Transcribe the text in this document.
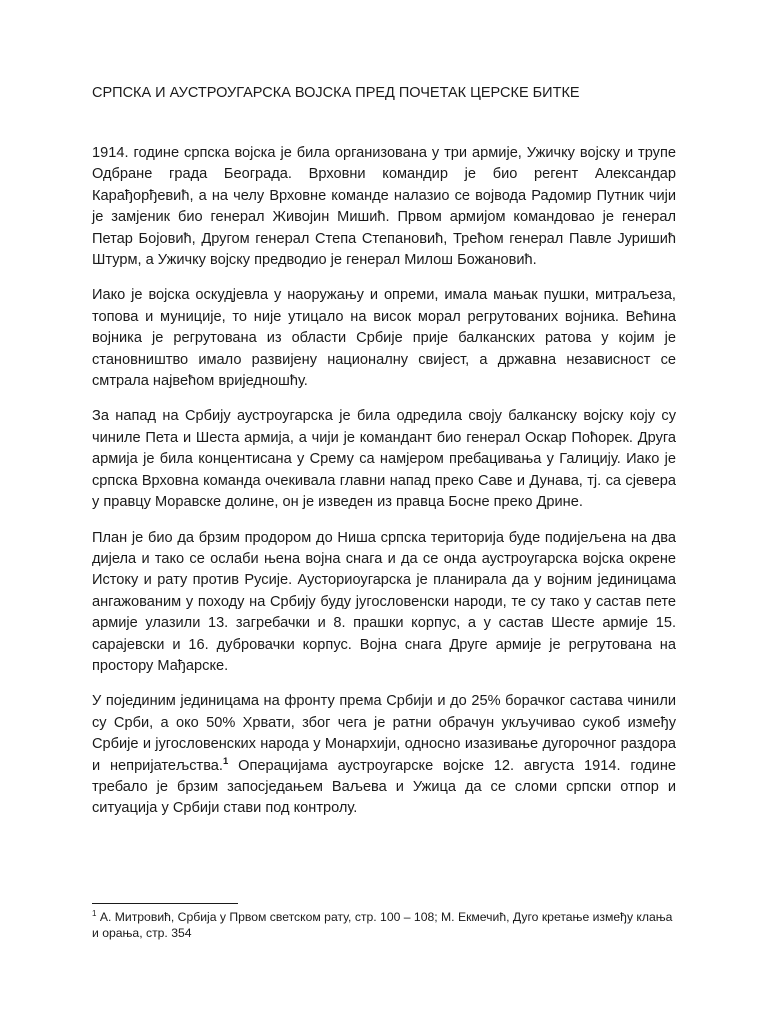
СРПСКА И АУСТРОУГАРСКА ВОЈСКА ПРЕД ПОЧЕТАК ЦЕРСКЕ БИТКЕ

1914. године српска војска је била организована у три армије, Ужичку војску и трупе Одбране града Београда. Врховни командир је био регент Александар Карађорђевић, а на челу Врховне команде налазио се војвода Радомир Путник чији је замјеник био генерал Живојин Мишић. Првом армијом командовао је генерал Петар Бојовић, Другом генерал Степа Степановић, Трећом генерал Павле Јуришић Штурм, а Ужичку војску предводио је генерал Милош Божановић.

Иако је војска оскудјевла у наоружању и опреми, имала мањак пушки, митраљеза, топова и муниције, то није утицало на висок морал регрутованих војника. Већина војника је регрутована из области Србије прије балканских ратова у којим је становништво имало развијену националну свијест, а државна независност се смтрала највећом вриједношћу.

За напад на Србију аустроугарска је била одредила своју балканску војску коју су чиниле Пета и Шеста армија, а чији је командант био генерал Оскар Поћорек. Друга армија је била концентисана у Срему са намјером пребацивања у Галицију. Иако је српска Врховна команда очекивала главни напад преко Саве и Дунава, тј. са сјевера у правцу Моравске долине, он је изведен из правца Босне преко Дрине.

План је био да брзим продором до Ниша српска територија буде подијељена на два дијела и тако се ослаби њена војна снага и да се онда аустроугарска војска окрене Истоку и рату против Русије. Аусториоугарска је планирала да у војним јединицама ангажованим у походу на Србију буду југословенски народи, те су тако у састав пете армије улазили 13. загребачки и 8. прашки корпус, а у састав Шесте армије 15. сарајевски и 16. дубровачки корпус. Војна снага Друге армије је регрутована на простору Мађарске.

У појединим јединицама на фронту према Србији и до 25% борачког састава чинили су Срби, а око 50% Хрвати, због чега је ратни обрачун укључивао сукоб између Србије и југословенских народа у Монархији, односно изазивање дугорочног раздора и непријатељства.$^1$ Операцијама аустроугарске војске 12. августа 1914. године требало је брзим запосједањем Ваљева и Ужица да се сломи српски отпор и ситуација у Србији стави под контролу.

$^1$ А. Митровић, Србија у Првом светском рату, стр. 100 – 108; М. Екмечић, Дуго кретање између клања и орања, стр. 354
